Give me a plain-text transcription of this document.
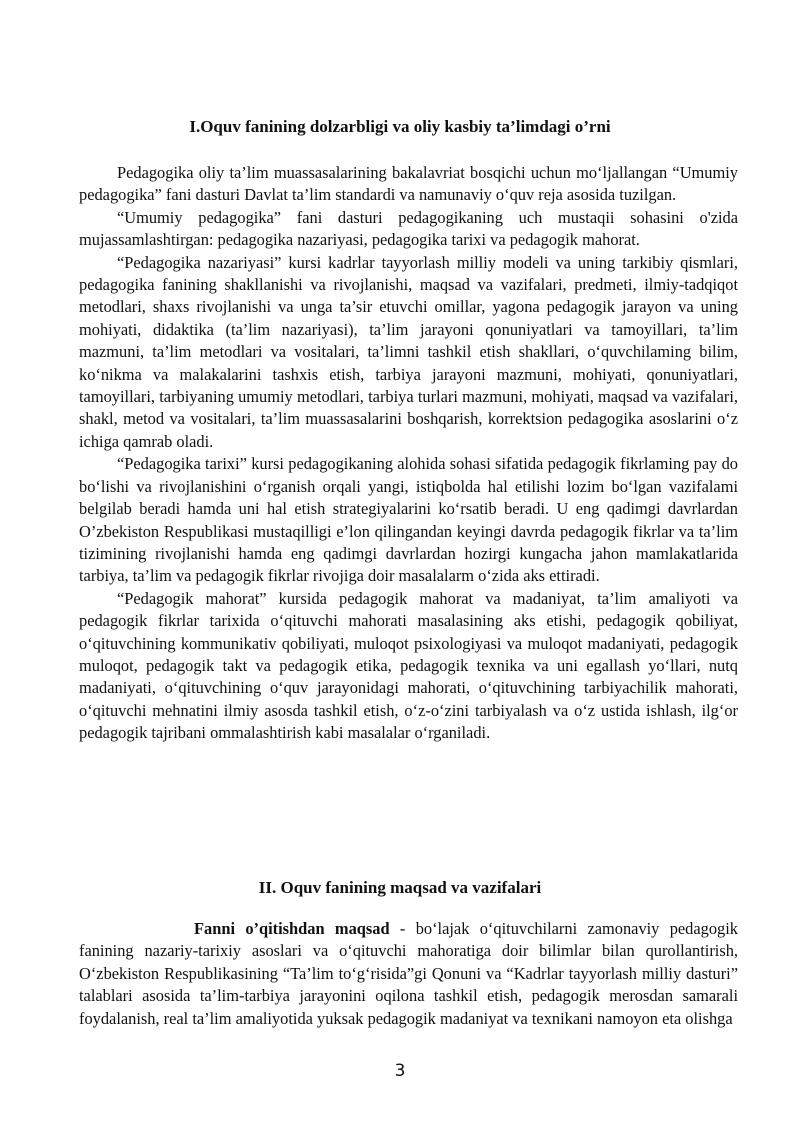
I.Oquv fanining dolzarbligi va oliy kasbiy ta’limdagi o’rni

Pedagogika oliy ta’lim muassasalarining bakalavriat bosqichi uchun mo‘ljallangan “Umumiy pedagogika” fani dasturi Davlat ta’lim standardi va namunaviy o‘quv reja asosida tuzilgan.

“Umumiy pedagogika” fani dasturi pedagogikaning uch mustaqii sohasini o'zida mujassamlashtirgan: pedagogika nazariyasi, pedagogika tarixi va pedagogik mahorat.

“Pedagogika nazariyasi” kursi kadrlar tayyorlash milliy modeli va uning tarkibiy qismlari, pedagogika fanining shakllanishi va rivojlanishi, maqsad va vazifalari, predmeti, ilmiy-tadqiqot metodlari, shaxs rivojlanishi va unga ta’sir etuvchi omillar, yagona pedagogik jarayon va uning mohiyati, didaktika (ta’lim nazariyasi), ta’lim jarayoni qonuniyatlari va tamoyillari, ta’lim mazmuni, ta’lim metodlari va vositalari, ta’limni tashkil etish shakllari, o‘quvchilaming bilim, ko‘nikma va malakalarini tashxis etish, tarbiya jarayoni mazmuni, mohiyati, qonuniyatlari, tamoyillari, tarbiyaning umumiy metodlari, tarbiya turlari mazmuni, mohiyati, maqsad va vazifalari, shakl, metod va vositalari, ta’lim muassasalarini boshqarish, korrektsion pedagogika asoslarini o‘z ichiga qamrab oladi.

“Pedagogika tarixi” kursi pedagogikaning alohida sohasi sifatida pedagogik fikrlaming pay do bo‘lishi va rivojlanishini o‘rganish orqali yangi, istiqbolda hal etilishi lozim bo‘lgan vazifalami belgilab beradi hamda uni hal etish strategiyalarini ko‘rsatib beradi. U eng qadimgi davrlardan O’zbekiston Respublikasi mustaqilligi e’lon qilingandan keyingi davrda pedagogik fikrlar va ta’lim tizimining rivojlanishi hamda eng qadimgi davrlardan hozirgi kungacha jahon mamlakatlarida tarbiya, ta’lim va pedagogik fikrlar rivojiga doir masalalarm o‘zida aks ettiradi.

“Pedagogik mahorat” kursida pedagogik mahorat va madaniyat, ta’lim amaliyoti va pedagogik fikrlar tarixida o‘qituvchi mahorati masalasining aks etishi, pedagogik qobiliyat, o‘qituvchining kommunikativ qobiliyati, muloqot psixologiyasi va muloqot madaniyati, pedagogik muloqot, pedagogik takt va pedagogik etika, pedagogik texnika va uni egallash yo‘llari, nutq madaniyati, o‘qituvchining o‘quv jarayonidagi mahorati, o‘qituvchining tarbiyachilik mahorati, o‘qituvchi mehnatini ilmiy asosda tashkil etish, o‘z-o‘zini tarbiyalash va o‘z ustida ishlash, ilg‘or pedagogik tajribani ommalashtirish kabi masalalar o‘rganiladi.

II. Oquv fanining maqsad va vazifalari

Fanni o’qitishdan maqsad - bo‘lajak o‘qituvchilarni zamonaviy pedagogik fanining nazariy-tarixiy asoslari va o‘qituvchi mahoratiga doir bilimlar bilan qurollantirish, O‘zbekiston Respublikasining “Ta’lim to‘g‘risida”gi Qonuni va “Kadrlar tayyorlash milliy dasturi” talablari asosida ta’lim-tarbiya jarayonini oqilona tashkil etish, pedagogik merosdan samarali foydalanish, real ta’lim amaliyotida yuksak pedagogik madaniyat va texnikani namoyon eta olishga

3
